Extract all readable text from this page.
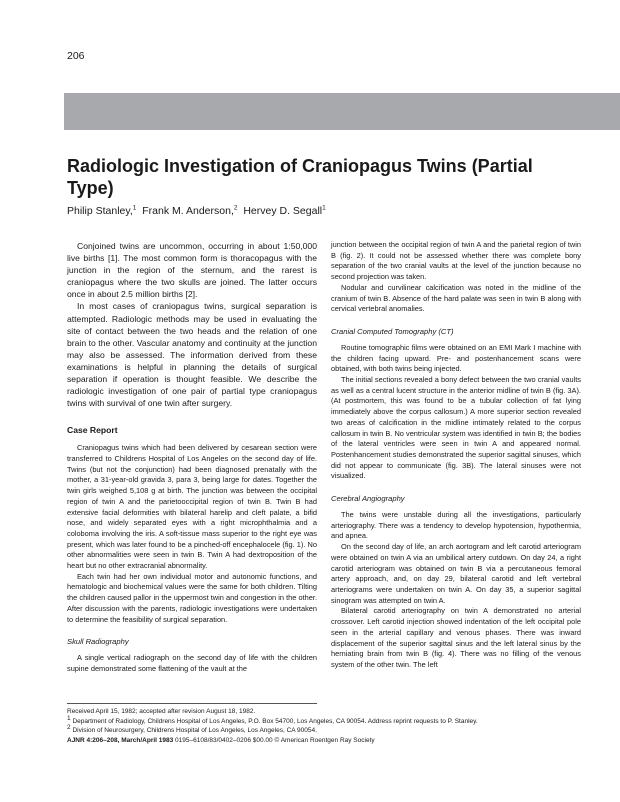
206
Radiologic Investigation of Craniopagus Twins (Partial Type)
Philip Stanley,$^1$ Frank M. Anderson,$^2$ Hervey D. Segall$^1$

Conjoined twins are uncommon, occurring in about 1:50,000 live births [1]. The most common form is thoracopagus with the junction in the region of the sternum, and the rarest is craniopagus where the two skulls are joined. The latter occurs once in about 2.5 million births [2].

In most cases of craniopagus twins, surgical separation is attempted. Radiologic methods may be used in evaluating the site of contact between the two heads and the relation of one brain to the other. Vascular anatomy and continuity at the junction may also be assessed. The information derived from these examinations is helpful in planning the details of surgical separation if operation is thought feasible. We describe the radiologic investigation of one pair of partial type craniopagus twins with survival of one twin after surgery.

Case Report

Craniopagus twins which had been delivered by cesarean section were transferred to Childrens Hospital of Los Angeles on the second day of life. Twins (but not the conjunction) had been diagnosed prenatally with the mother, a 31-year-old gravida 3, para 3, being large for dates. Together the twin girls weighed 5,108 g at birth. The junction was between the occipital region of twin A and the parietooccipital region of twin B. Twin B had extensive facial deformities with bilateral harelip and cleft palate, a bifid nose, and widely separated eyes with a right microphthalmia and a coloboma involving the iris. A soft-tissue mass superior to the right eye was present, which was later found to be a pinched-off encephalocele (fig. 1). No other abnormalities were seen in twin B. Twin A had dextroposition of the heart but no other extracranial abnormality.

Each twin had her own individual motor and autonomic functions, and hematologic and biochemical values were the same for both children. Tilting the children caused pallor in the uppermost twin and congestion in the other. After discussion with the parents, radiologic investigations were undertaken to determine the feasibility of surgical separation.

Skull Radiography

A single vertical radiograph on the second day of life with the children supine demonstrated some flattening of the vault at the

junction between the occipital region of twin A and the parietal region of twin B (fig. 2). It could not be assessed whether there was complete bony separation of the two cranial vaults at the level of the junction because no second projection was taken.

Nodular and curvilinear calcification was noted in the midline of the cranium of twin B. Absence of the hard palate was seen in twin B along with cervical vertebral anomalies.

Cranial Computed Tomography (CT)

Routine tomographic films were obtained on an EMI Mark I machine with the children facing upward. Pre- and postenhancement scans were obtained, with both twins being injected.

The initial sections revealed a bony defect between the two cranial vaults as well as a central lucent structure in the anterior midline of twin B (fig. 3A). (At postmortem, this was found to be a tubular collection of fat lying immediately above the corpus callosum.) A more superior section revealed two areas of calcification in the midline intimately related to the corpus callosum in twin B. No ventricular system was identified in twin B; the bodies of the lateral ventricles were seen in twin A and appeared normal. Postenhancement studies demonstrated the superior sagittal sinuses, which did not appear to communicate (fig. 3B). The lateral sinuses were not visualized.

Cerebral Angiography

The twins were unstable during all the investigations, particularly arteriography. There was a tendency to develop hypotension, hypothermia, and apnea.

On the second day of life, an arch aortogram and left carotid arteriogram were obtained on twin A via an umbilical artery cutdown. On day 24, a right carotid arteriogram was obtained on twin B via a percutaneous femoral artery approach, and, on day 29, bilateral carotid and left vertebral arteriograms were undertaken on twin A. On day 35, a superior sagittal sinogram was attempted on twin A.

Bilateral carotid arteriography on twin A demonstrated no arterial crossover. Left carotid injection showed indentation of the left occipital pole seen in the arterial capillary and venous phases. There was inward displacement of the superior sagittal sinus and the left lateral sinus by the herniating brain from twin B (fig. 4). There was no filling of the venous system of the other twin. The left

Received April 15, 1982; accepted after revision August 18, 1982.
$^1$ Department of Radiology, Childrens Hospital of Los Angeles, P.O. Box 54700, Los Angeles, CA 90054. Address reprint requests to P. Stanley.
$^2$ Division of Neurosurgery, Childrens Hospital of Los Angeles, Los Angeles, CA 90054.
AJNR 4:206–208, March/April 1983 0195–6108/83/0402–0206 $00.00 © American Roentgen Ray Society
